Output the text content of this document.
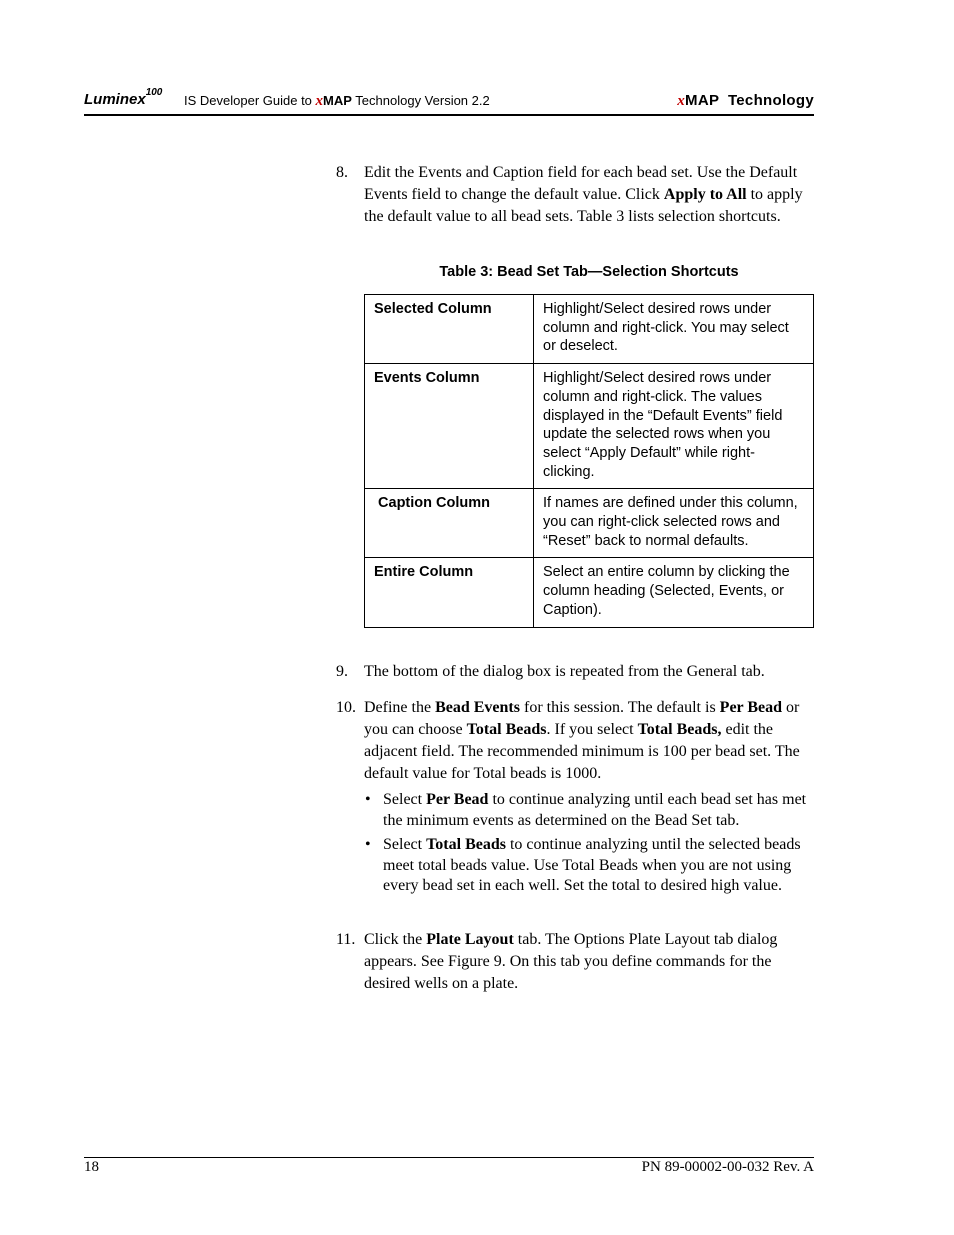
Luminex$^{100}$
IS Developer Guide to xMAP Technology Version 2.2	xMAP  Technology
8. Edit the Events and Caption field for each bead set. Use the Default Events field to change the default value. Click Apply to All to apply the default value to all bead sets. Table 3 lists selection shortcuts.
Table 3: Bead Set Tab—Selection Shortcuts
Selected Column	Highlight/Select desired rows under column and right-click. You may select or deselect.
Events Column	Highlight/Select desired rows under column and right-click. The values displayed in the “Default Events” field update the selected rows when you select “Apply Default” while right-clicking.
Caption Column	If names are defined under this column, you can right-click selected rows and “Reset” back to normal defaults.
Entire Column	Select an entire column by clicking the column heading (Selected, Events, or Caption).
9. The bottom of the dialog box is repeated from the General tab.
10. Define the Bead Events for this session. The default is Per Bead or you can choose Total Beads. If you select Total Beads, edit the adjacent field. The recommended minimum is 100 per bead set. The default value for Total beads is 1000.
• Select Per Bead to continue analyzing until each bead set has met the minimum events as determined on the Bead Set tab.
• Select Total Beads to continue analyzing until the selected beads meet total beads value. Use Total Beads when you are not using every bead set in each well. Set the total to desired high value.
11. Click the Plate Layout tab. The Options Plate Layout tab dialog appears. See Figure 9. On this tab you define commands for the desired wells on a plate.
18	PN 89-00002-00-032 Rev. A
